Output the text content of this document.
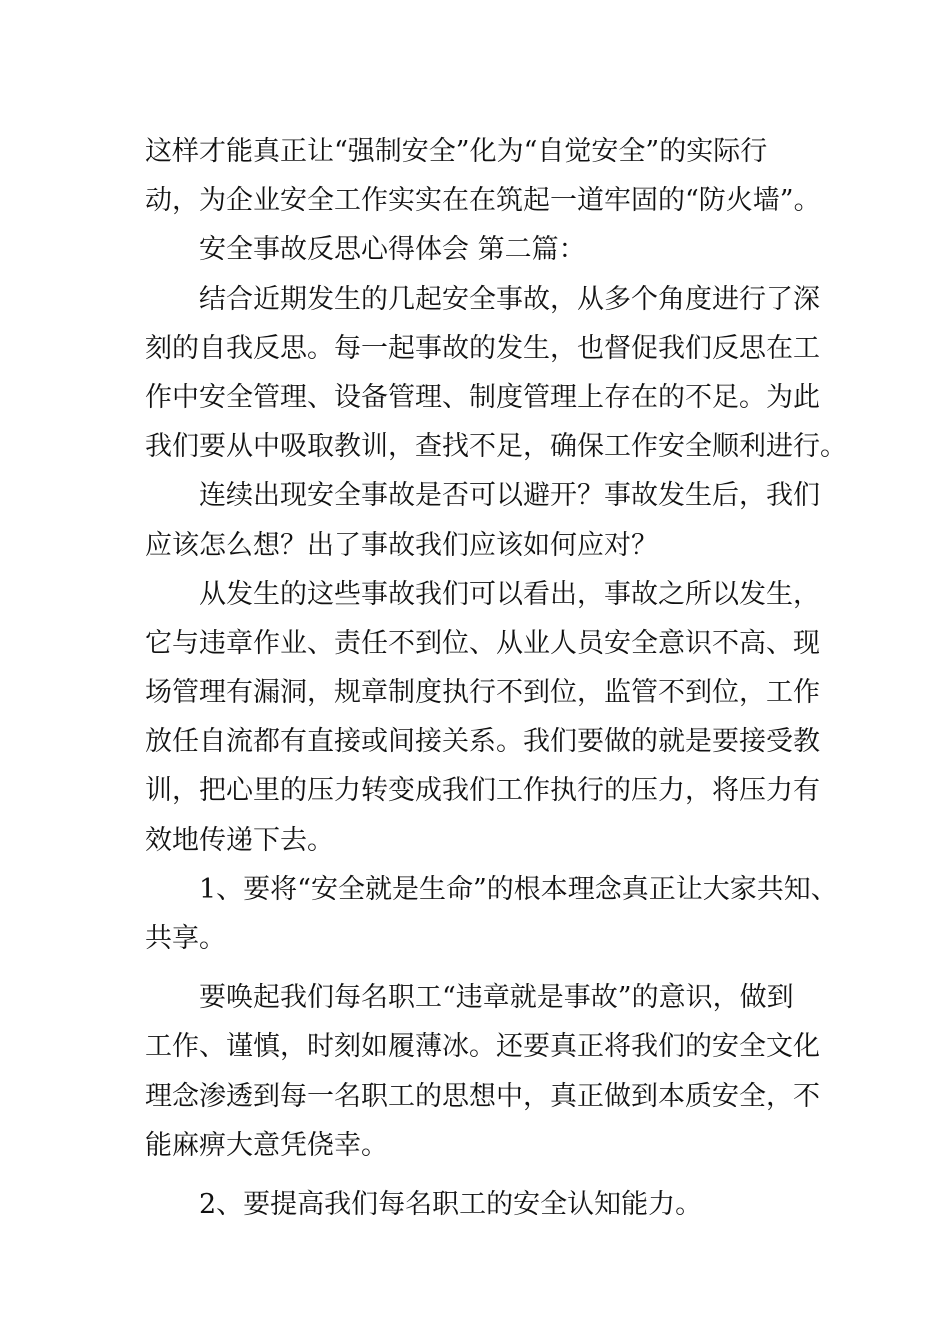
这样才能真正让“强制安全”化为“自觉安全”的实际行
动，为企业安全工作实实在在筑起一道牢固的“防火墙”。
安全事故反思心得体会 第二篇：
结合近期发生的几起安全事故，从多个角度进行了深
刻的自我反思。每一起事故的发生，也督促我们反思在工
作中安全管理、设备管理、制度管理上存在的不足。为此
我们要从中吸取教训，查找不足，确保工作安全顺利进行。
连续出现安全事故是否可以避开？事故发生后，我们
应该怎么想？出了事故我们应该如何应对？
从发生的这些事故我们可以看出，事故之所以发生，
它与违章作业、责任不到位、从业人员安全意识不高、现
场管理有漏洞，规章制度执行不到位，监管不到位，工作
放任自流都有直接或间接关系。我们要做的就是要接受教
训，把心里的压力转变成我们工作执行的压力，将压力有
效地传递下去。
1、要将“安全就是生命”的根本理念真正让大家共知、
共享。
要唤起我们每名职工“违章就是事故”的意识，做到
工作、谨慎，时刻如履薄冰。还要真正将我们的安全文化
理念渗透到每一名职工的思想中，真正做到本质安全，不
能麻痹大意凭侥幸。
2、要提高我们每名职工的安全认知能力。
